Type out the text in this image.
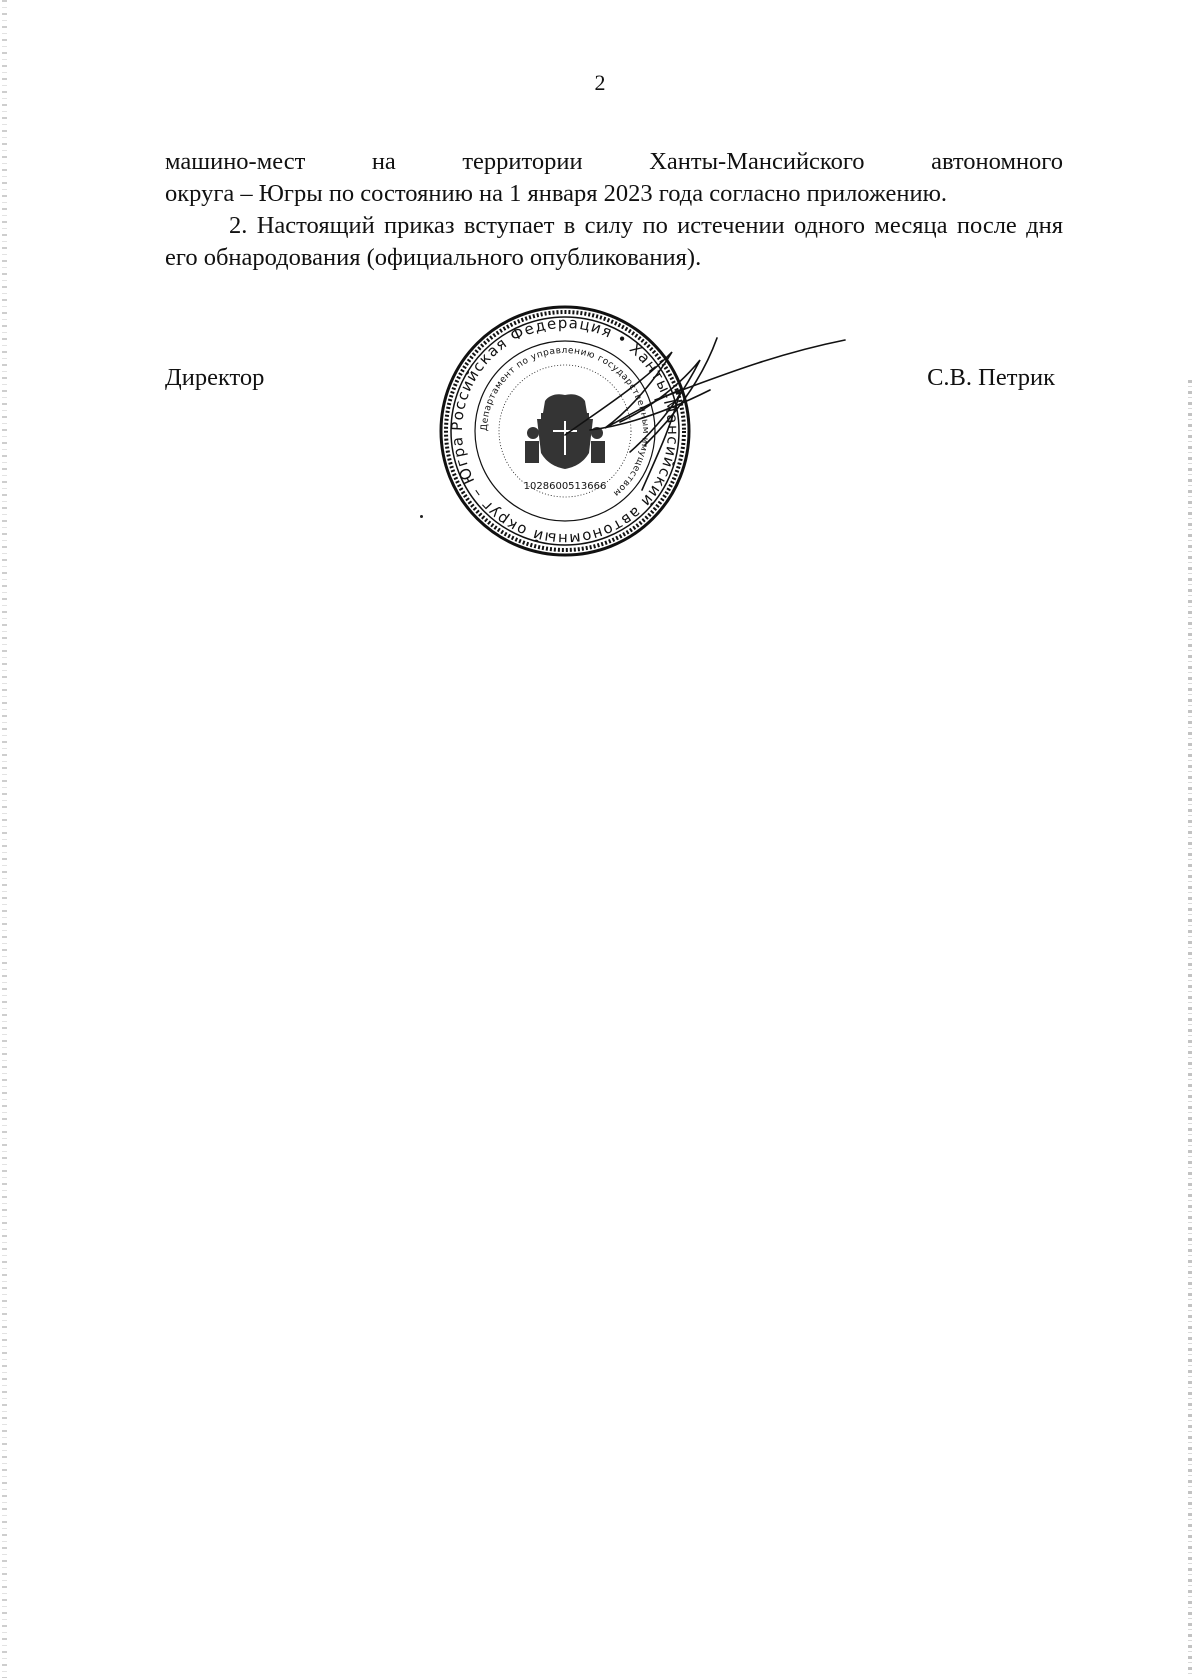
2

машино-мест на территории Ханты-Мансийского автономного

округа – Югры по состоянию на 1 января 2023 года согласно приложению.

2. Настоящий приказ вступает в силу по истечении одного месяца после дня его обнародования (официального опубликования).

Директор	С.В. Петрик
Российская Федерация • Ханты-Мансийский автономный округ – Югра
Департамент по управлению государственным имуществом
1028600513666
